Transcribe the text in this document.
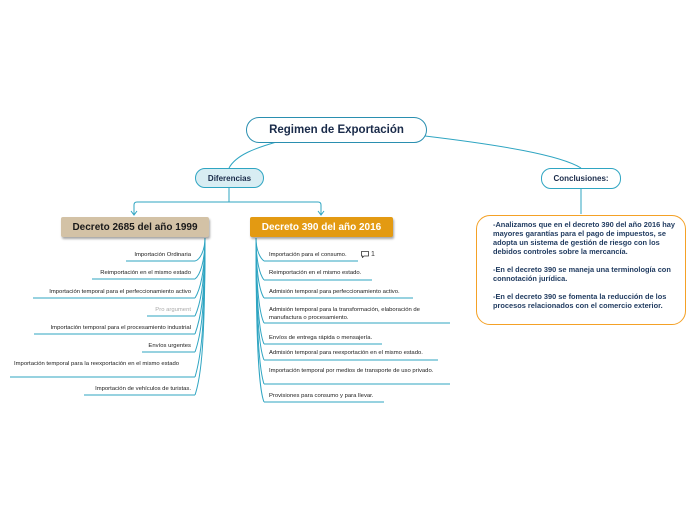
Regimen de Exportación
Diferencias	Conclusiones:
Decreto 2685 del año 1999	Decreto 390 del año 2016	-Analizamos que en el decreto 390 del año 2016 hay mayores garantías para el pago de impuestos, se adopta un sistema de gestión de riesgo con los debidos controles sobre la mercancía.

-En el decreto 390 se maneja una terminología con connotación jurídica.

-En el decreto 390 se fomenta la reducción de los procesos relacionados con el comercio exterior.

Importación Ordinaria
Reimportación en el mismo estado
Importación temporal para el perfeccionamiento activo
Pro argument
Importación temporal para el procesamiento industrial
Envíos urgentes
Importación temporal para la reexportación en el mismo estado
Importación de vehículos de turistas.
Importación para el consumo.	1
Reimportación en el mismo estado.
Admisión temporal para perfeccionamiento activo.
Admisión temporal para la transformación, elaboración de manufactura o procesamiento.
Envíos de entrega rápida o mensajería.
Admisión temporal para reexportación en el mismo estado.
Importación temporal por medios de transporte de uso privado.
Provisiones para consumo y para llevar.
